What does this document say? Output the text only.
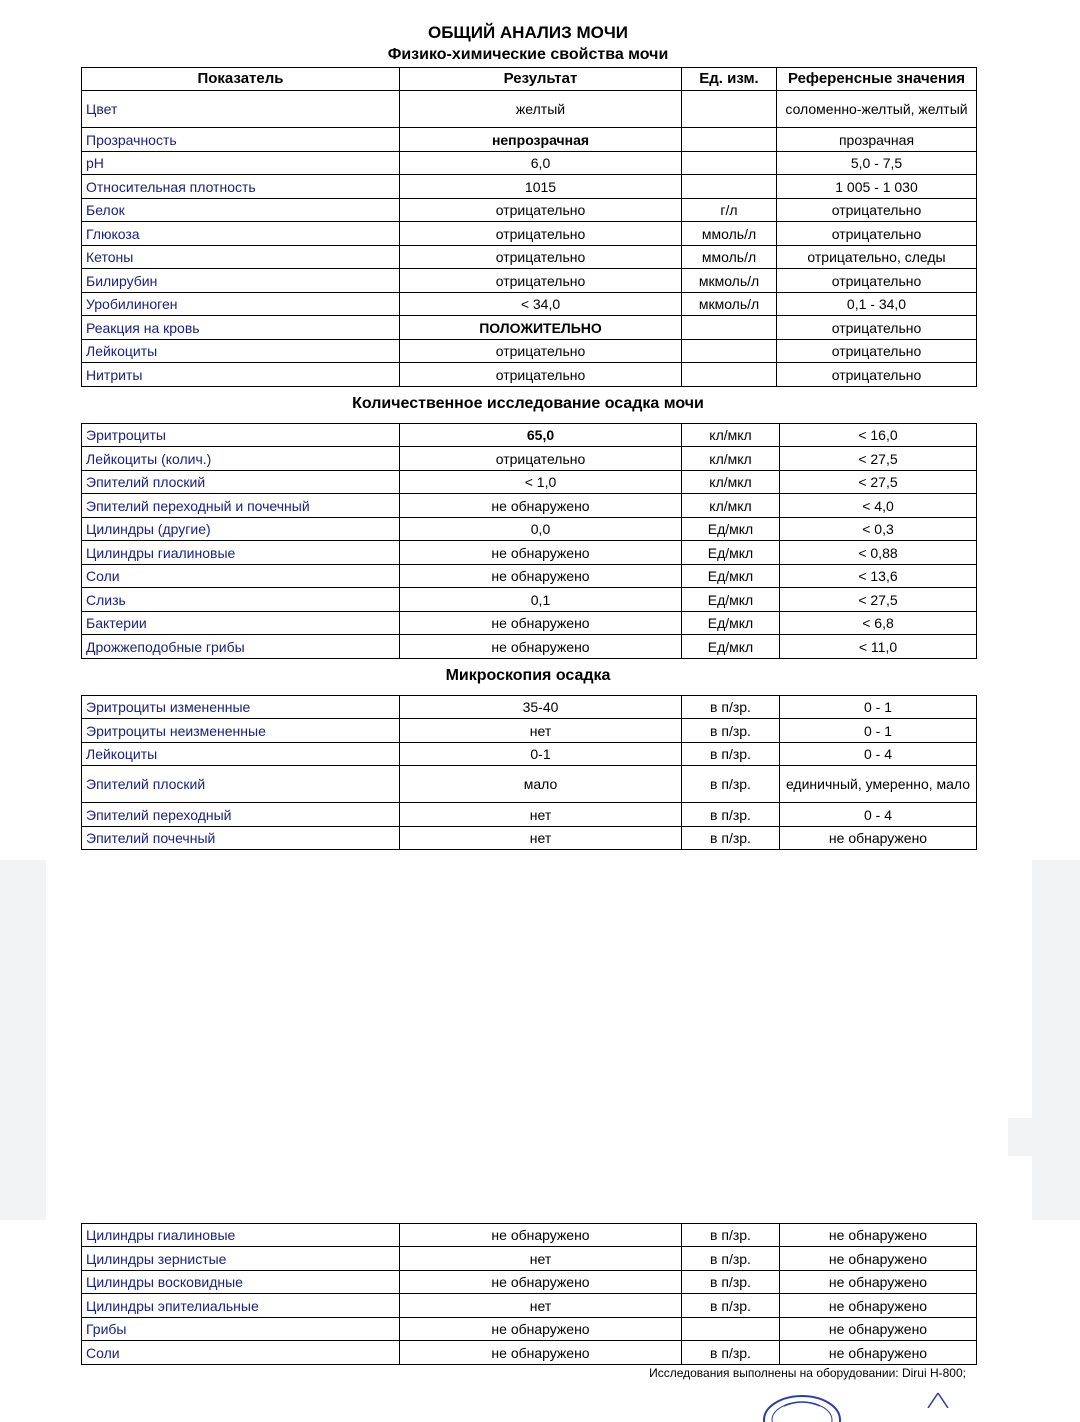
ОБЩИЙ АНАЛИЗ МОЧИ
Физико-химические свойства мочи
Показатель	Результат	Ед. изм.	Референсные значения
Цвет	желтый		соломенно-желтый, желтый
Прозрачность	непрозрачная		прозрачная
pH	6,0		5,0 - 7,5
Относительная плотность	1015		1 005 - 1 030
Белок	отрицательно	г/л	отрицательно
Глюкоза	отрицательно	ммоль/л	отрицательно
Кетоны	отрицательно	ммоль/л	отрицательно, следы
Билирубин	отрицательно	мкмоль/л	отрицательно
Уробилиноген	< 34,0	мкмоль/л	0,1 - 34,0
Реакция на кровь	ПОЛОЖИТЕЛЬНО		отрицательно
Лейкоциты	отрицательно		отрицательно
Нитриты	отрицательно		отрицательно
Количественное исследование осадка мочи
Эритроциты	65,0	кл/мкл	< 16,0
Лейкоциты (колич.)	отрицательно	кл/мкл	< 27,5
Эпителий плоский	< 1,0	кл/мкл	< 27,5
Эпителий переходный и почечный	не обнаружено	кл/мкл	< 4,0
Цилиндры (другие)	0,0	Ед/мкл	< 0,3
Цилиндры гиалиновые	не обнаружено	Ед/мкл	< 0,88
Соли	не обнаружено	Ед/мкл	< 13,6
Слизь	0,1	Ед/мкл	< 27,5
Бактерии	не обнаружено	Ед/мкл	< 6,8
Дрожжеподобные грибы	не обнаружено	Ед/мкл	< 11,0
Микроскопия осадка
Эритроциты измененные	35-40	в п/зр.	0 - 1
Эритроциты неизмененные	нет	в п/зр.	0 - 1
Лейкоциты	0-1	в п/зр.	0 - 4
Эпителий плоский	мало	в п/зр.	единичный, умеренно, мало
Эпителий переходный	нет	в п/зр.	0 - 4
Эпителий почечный	нет	в п/зр.	не обнаружено
Цилиндры гиалиновые	не обнаружено	в п/зр.	не обнаружено
Цилиндры зернистые	нет	в п/зр.	не обнаружено
Цилиндры восковидные	не обнаружено	в п/зр.	не обнаружено
Цилиндры эпителиальные	нет	в п/зр.	не обнаружено
Грибы	не обнаружено		не обнаружено
Соли	не обнаружено	в п/зр.	не обнаружено
Исследования выполнены на оборудовании: Dirui H-800;
